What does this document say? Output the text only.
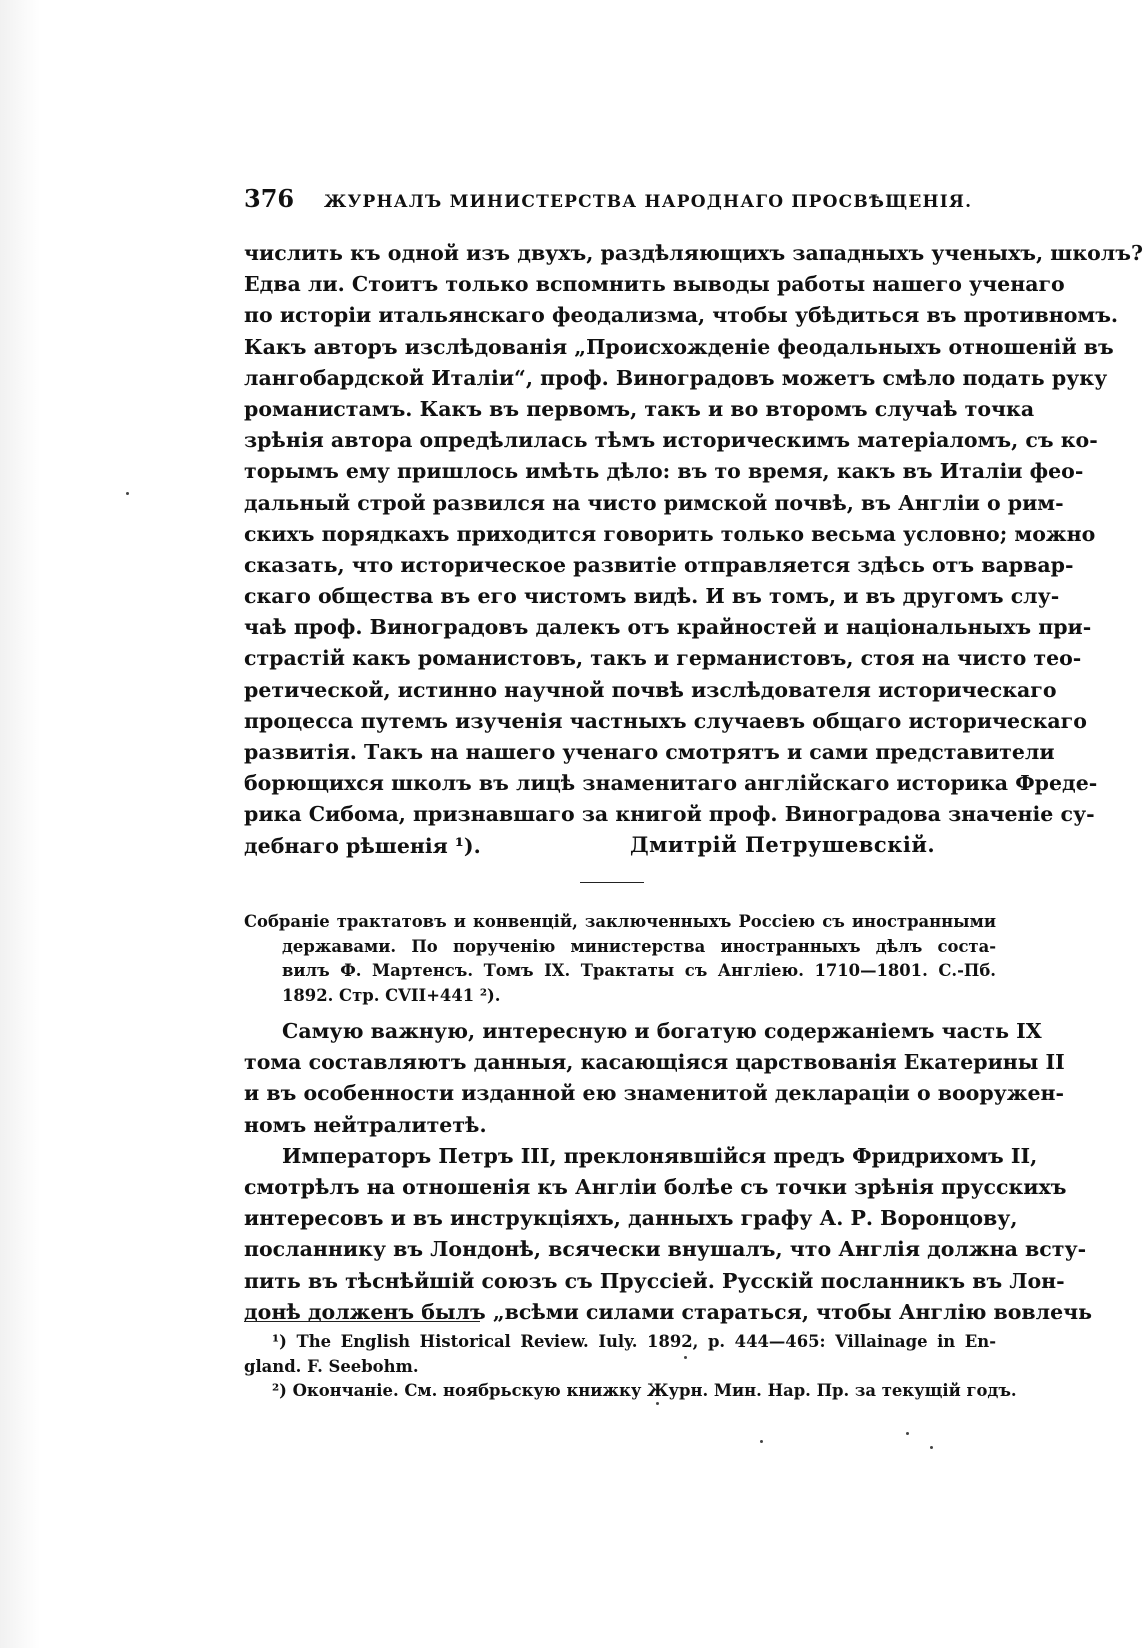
376	ЖУРНАЛЪ МИНИСТЕРСТВА НАРОДНАГО ПРОСВѢЩЕНІЯ.
числить къ одной изъ двухъ, раздѣляющихъ западныхъ ученыхъ, школъ?
Едва ли. Стоитъ только вспомнить выводы работы нашего ученаго
по исторіи итальянскаго феодализма, чтобы убѣдиться въ противномъ.
Какъ авторъ изслѣдованія „Происхожденіе феодальныхъ отношеній въ
лангобардской Италіи“, проф. Виноградовъ можетъ смѣло подать руку
романистамъ. Какъ въ первомъ, такъ и во второмъ случаѣ точка
зрѣнія автора опредѣлилась тѣмъ историческимъ матеріаломъ, съ ко-
торымъ ему пришлось имѣть дѣло: въ то время, какъ въ Италіи фео-
дальный строй развился на чисто римской почвѣ, въ Англіи о рим-
скихъ порядкахъ приходится говорить только весьма условно; можно
сказать, что историческое развитіе отправляется здѣсь отъ варвар-
скаго общества въ его чистомъ видѣ. И въ томъ, и въ другомъ слу-
чаѣ проф. Виноградовъ далекъ отъ крайностей и національныхъ при-
страстій какъ романистовъ, такъ и германистовъ, стоя на чисто тео-
ретической, истинно научной почвѣ изслѣдователя историческаго
процесса путемъ изученія частныхъ случаевъ общаго историческаго
развитія. Такъ на нашего ученаго смотрятъ и сами представители
борющихся школъ въ лицѣ знаменитаго англійскаго историка Фреде-
рика Сибома, признавшаго за книгой проф. Виноградова значеніе су-
дебнаго рѣшенія ¹).	Дмитрій Петрушевскій.
Собраніе трактатовъ и конвенцій, заключенныхъ Россіею съ иностранными
державами. По порученію министерства иностранныхъ дѣлъ соста-
вилъ Ф. Мартенсъ. Томъ IX. Трактаты съ Англіею. 1710—1801. С.-Пб.
1892. Стр. CVII+441 ²).
Самую важную, интересную и богатую содержаніемъ часть IX
тома составляютъ данныя, касающіяся царствованія Екатерины II
и въ особенности изданной ею знаменитой деклараціи о вооружен-
номъ нейтралитетѣ.
Императоръ Петръ III, преклонявшійся предъ Фридрихомъ II,
смотрѣлъ на отношенія къ Англіи болѣе съ точки зрѣнія прусскихъ
интересовъ и въ инструкціяхъ, данныхъ графу А. Р. Воронцову,
посланнику въ Лондонѣ, всячески внушалъ, что Англія должна всту-
пить въ тѣснѣйшій союзъ съ Пруссіей. Русскій посланникъ въ Лон-
донѣ долженъ былъ „всѣми силами стараться, чтобы Англію вовлечь
¹) The English Historical Review. Iuly. 1892, p. 444—465: Villainage in En-
gland. F. Seebohm.
²) Окончаніе. См. ноябрьскую книжку Журн. Мин. Нар. Пр. за текущій годъ.
